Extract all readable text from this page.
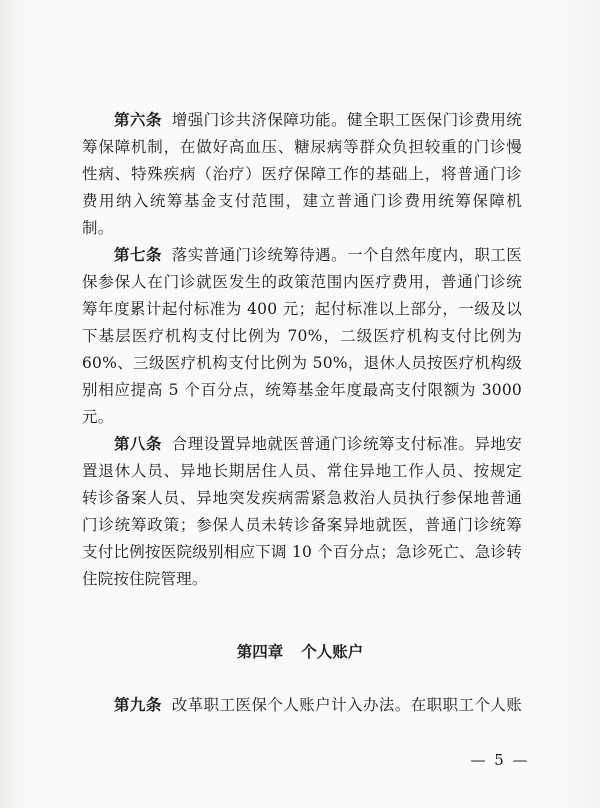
第六条 增强门诊共济保障功能。健全职工医保门诊费用统
筹保障机制，在做好高血压、糖尿病等群众负担较重的门诊慢
性病、特殊疾病（治疗）医疗保障工作的基础上，将普通门诊
费用纳入统筹基金支付范围，建立普通门诊费用统筹保障机
制。
第七条 落实普通门诊统筹待遇。一个自然年度内，职工医
保参保人在门诊就医发生的政策范围内医疗费用，普通门诊统
筹年度累计起付标准为 400 元；起付标准以上部分，一级及以
下基层医疗机构支付比例为 70%，二级医疗机构支付比例为
60%、三级医疗机构支付比例为 50%，退休人员按医疗机构级
别相应提高 5 个百分点，统筹基金年度最高支付限额为 3000
元。
第八条 合理设置异地就医普通门诊统筹支付标准。异地安
置退休人员、异地长期居住人员、常住异地工作人员、按规定
转诊备案人员、异地突发疾病需紧急救治人员执行参保地普通
门诊统筹政策；参保人员未转诊备案异地就医，普通门诊统筹
支付比例按医院级别相应下调 10 个百分点；急诊死亡、急诊转
住院按住院管理。
第四章 个人账户
第九条 改革职工医保个人账户计入办法。在职职工个人账
— 5 —
